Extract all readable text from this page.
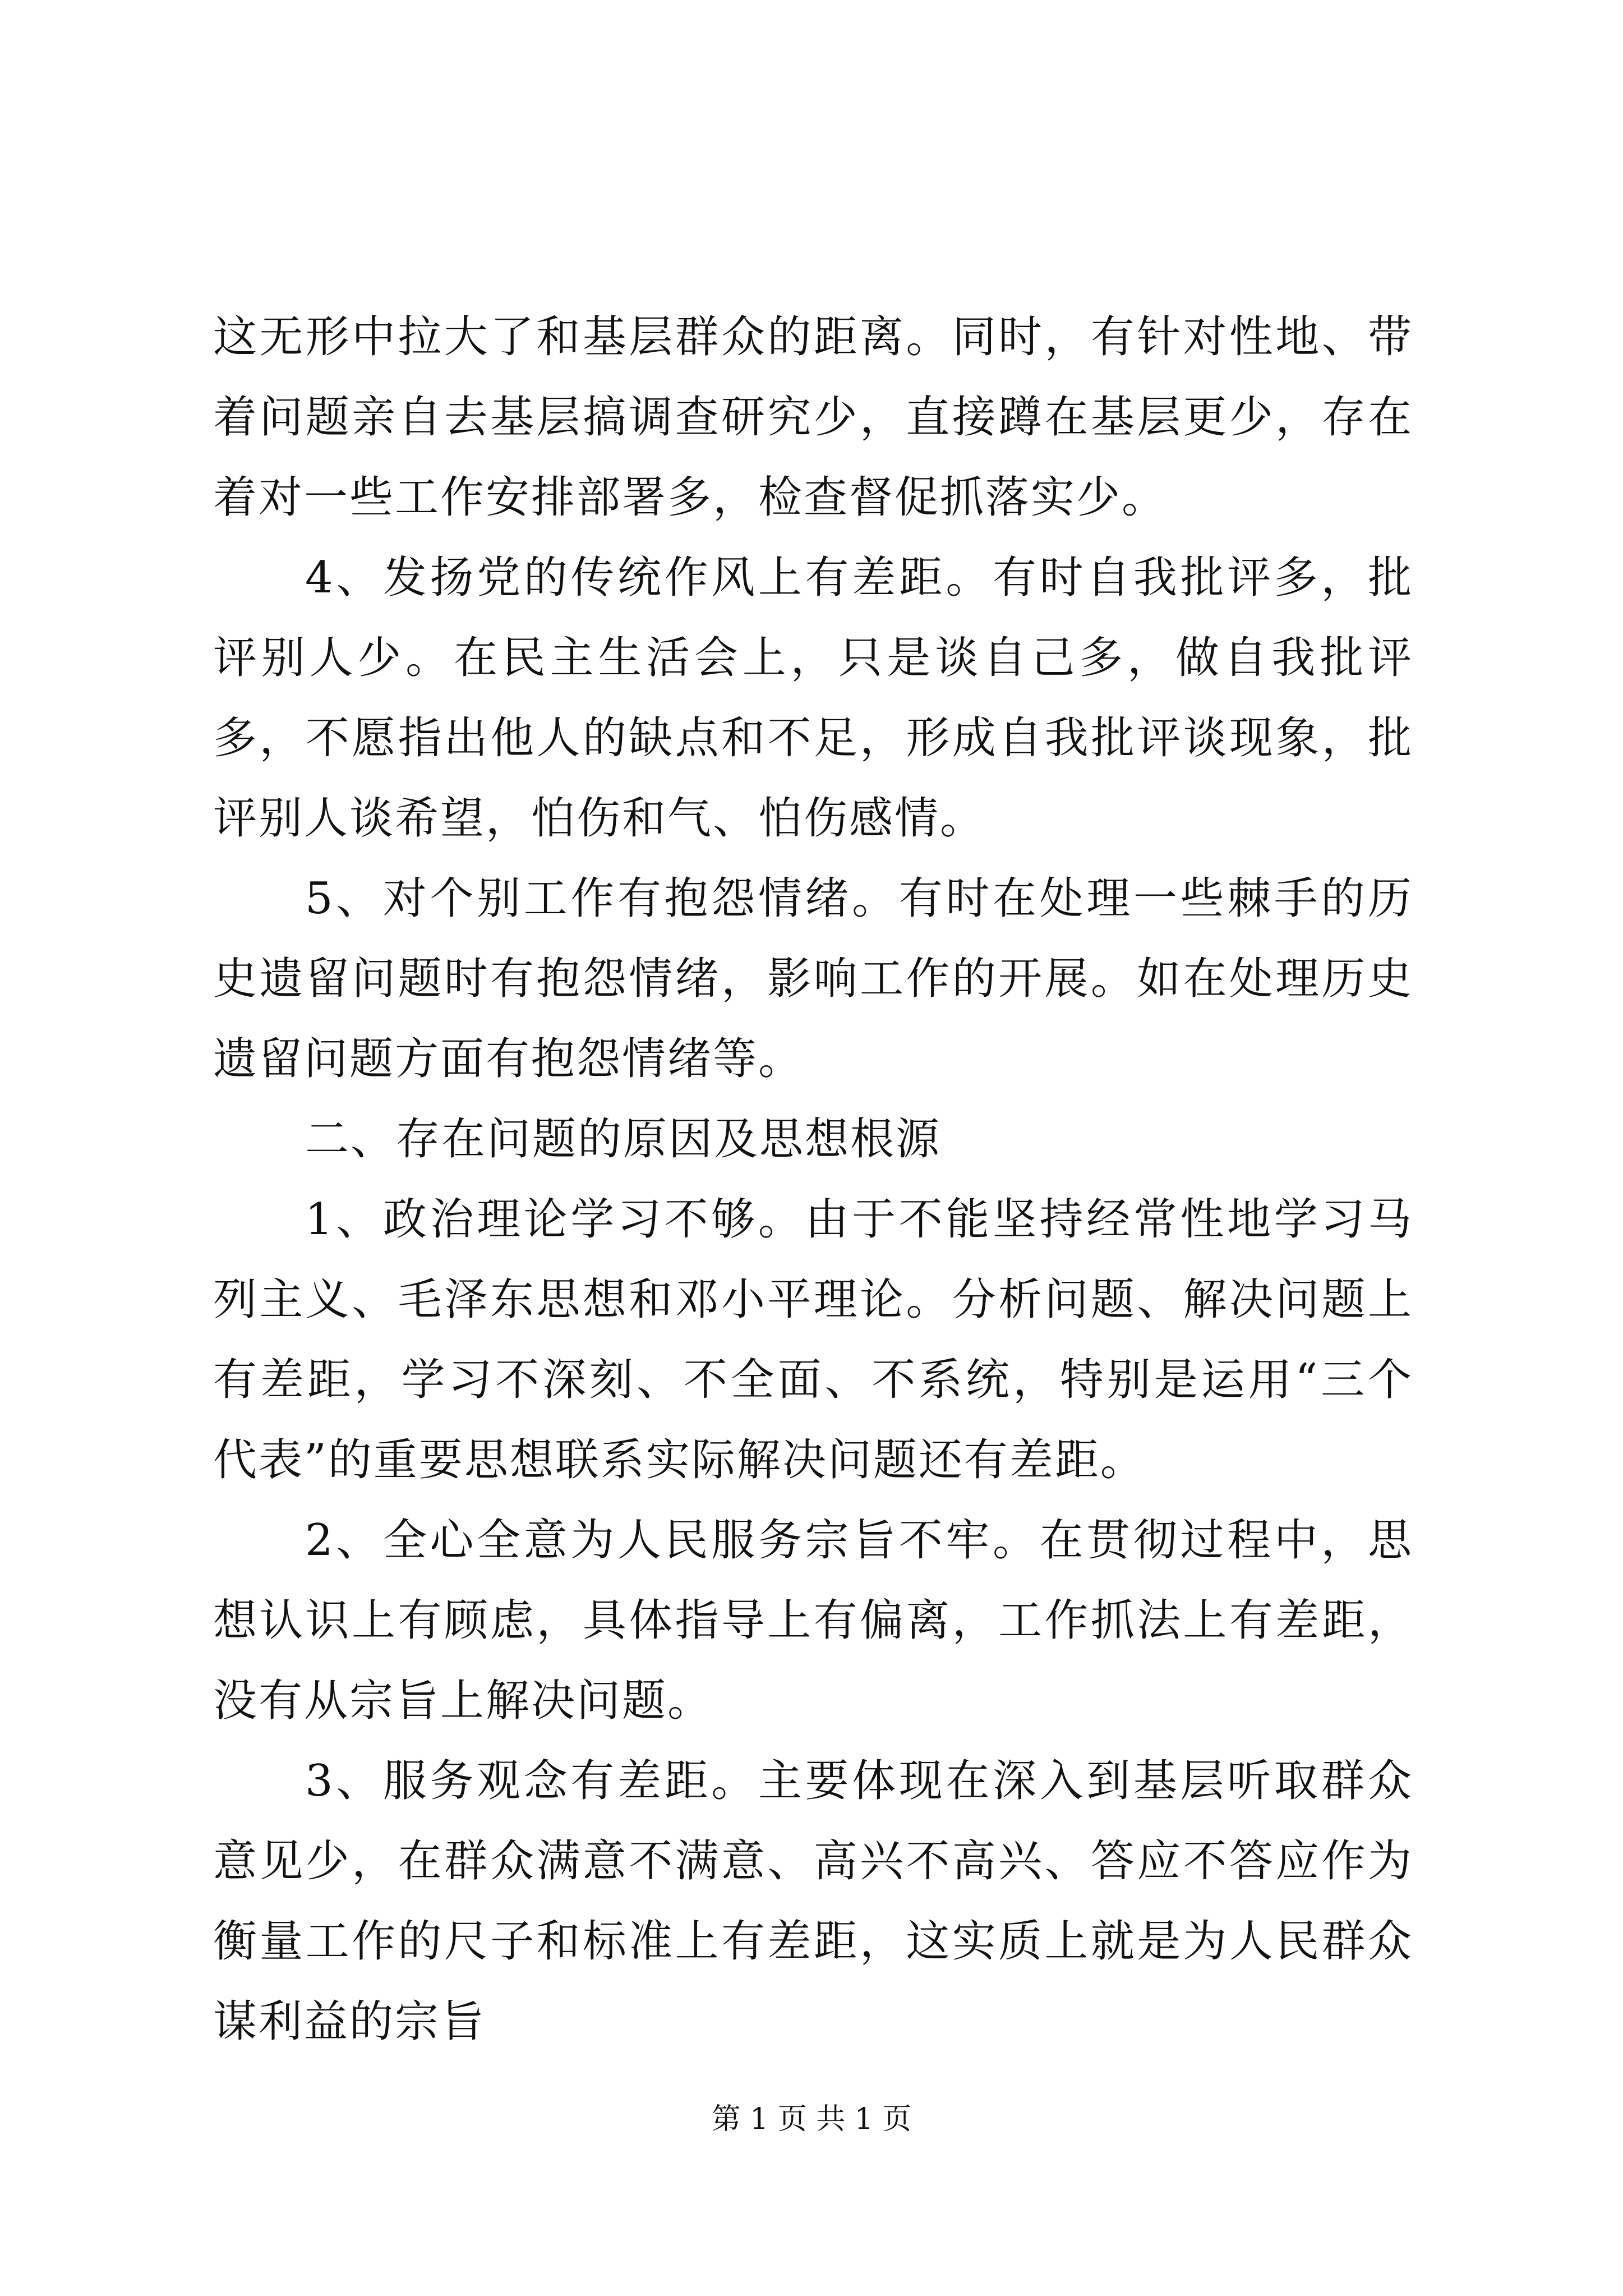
这无形中拉大了和基层群众的距离。同时，有针对性地、带着问题亲自去基层搞调查研究少，直接蹲在基层更少，存在着对一些工作安排部署多，检查督促抓落实少。

4、发扬党的传统作风上有差距。有时自我批评多，批评别人少。在民主生活会上，只是谈自己多，做自我批评多，不愿指出他人的缺点和不足，形成自我批评谈现象，批评别人谈希望，怕伤和气、怕伤感情。

5、对个别工作有抱怨情绪。有时在处理一些棘手的历史遗留问题时有抱怨情绪，影响工作的开展。如在处理历史遗留问题方面有抱怨情绪等。

二、存在问题的原因及思想根源

1、政治理论学习不够。由于不能坚持经常性地学习马列主义、毛泽东思想和邓小平理论。分析问题、解决问题上有差距，学习不深刻、不全面、不系统，特别是运用“三个代表”的重要思想联系实际解决问题还有差距。

2、全心全意为人民服务宗旨不牢。在贯彻过程中，思想认识上有顾虑，具体指导上有偏离，工作抓法上有差距，没有从宗旨上解决问题。

3、服务观念有差距。主要体现在深入到基层听取群众意见少，在群众满意不满意、高兴不高兴、答应不答应作为衡量工作的尺子和标准上有差距，这实质上就是为人民群众谋利益的宗旨

第 1 页 共 1 页
